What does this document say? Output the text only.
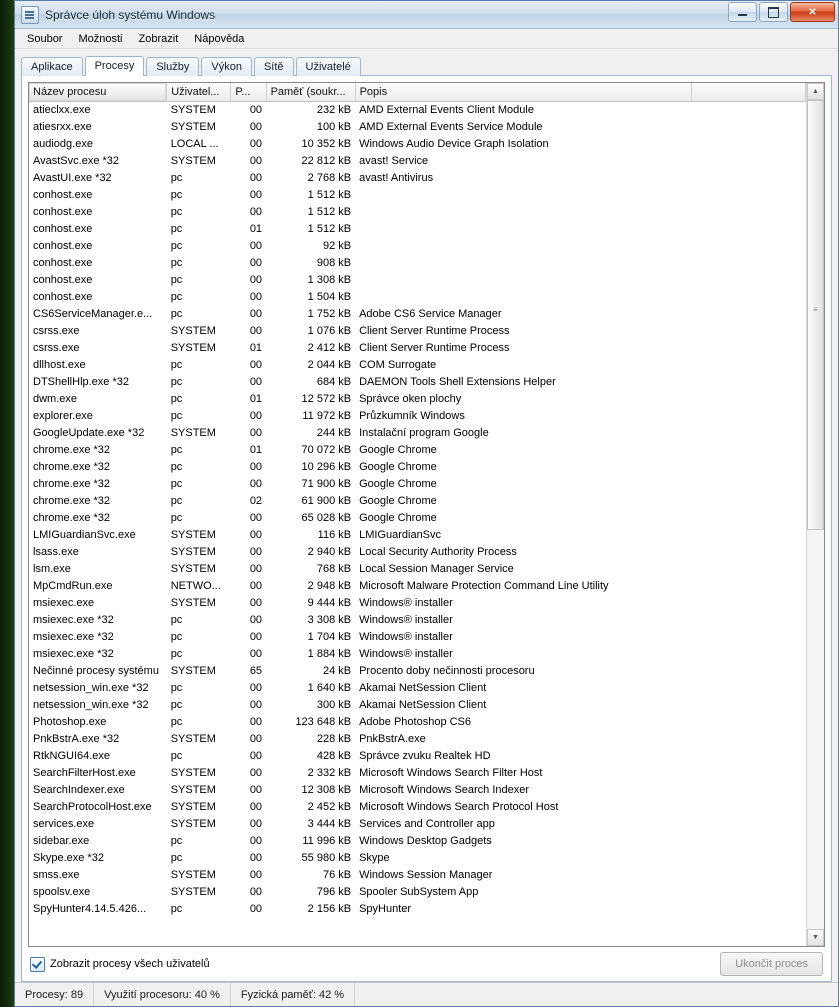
Správce úloh systému Windows	✕
Soubor	Možnosti	Zobrazit	Nápověda
Aplikace	Procesy	Služby	Výkon	Sítě	Uživatelé
Název procesu	Uživatel...	P...	Paměť (soukr...	Popis	
atieclxx.exe	SYSTEM	00	232 kB	AMD External Events Client Module	
atiesrxx.exe	SYSTEM	00	100 kB	AMD External Events Service Module	
audiodg.exe	LOCAL ...	00	10 352 kB	Windows Audio Device Graph Isolation	
AvastSvc.exe *32	SYSTEM	00	22 812 kB	avast! Service	
AvastUI.exe *32	pc	00	2 768 kB	avast! Antivirus	
conhost.exe	pc	00	1 512 kB		
conhost.exe	pc	00	1 512 kB		
conhost.exe	pc	01	1 512 kB		
conhost.exe	pc	00	92 kB		
conhost.exe	pc	00	908 kB		
conhost.exe	pc	00	1 308 kB		
conhost.exe	pc	00	1 504 kB		
CS6ServiceManager.e...	pc	00	1 752 kB	Adobe CS6 Service Manager	
csrss.exe	SYSTEM	00	1 076 kB	Client Server Runtime Process	
csrss.exe	SYSTEM	01	2 412 kB	Client Server Runtime Process	
dllhost.exe	pc	00	2 044 kB	COM Surrogate	
DTShellHlp.exe *32	pc	00	684 kB	DAEMON Tools Shell Extensions Helper	
dwm.exe	pc	01	12 572 kB	Správce oken plochy	
explorer.exe	pc	00	11 972 kB	Průzkumník Windows	
GoogleUpdate.exe *32	SYSTEM	00	244 kB	Instalační program Google	
chrome.exe *32	pc	01	70 072 kB	Google Chrome	
chrome.exe *32	pc	00	10 296 kB	Google Chrome	
chrome.exe *32	pc	00	71 900 kB	Google Chrome	
chrome.exe *32	pc	02	61 900 kB	Google Chrome	
chrome.exe *32	pc	00	65 028 kB	Google Chrome	
LMIGuardianSvc.exe	SYSTEM	00	116 kB	LMIGuardianSvc	
lsass.exe	SYSTEM	00	2 940 kB	Local Security Authority Process	
lsm.exe	SYSTEM	00	768 kB	Local Session Manager Service	
MpCmdRun.exe	NETWO...	00	2 948 kB	Microsoft Malware Protection Command Line Utility	
msiexec.exe	SYSTEM	00	9 444 kB	Windows® installer	
msiexec.exe *32	pc	00	3 308 kB	Windows® installer	
msiexec.exe *32	pc	00	1 704 kB	Windows® installer	
msiexec.exe *32	pc	00	1 884 kB	Windows® installer	
Nečinné procesy systému	SYSTEM	65	24 kB	Procento doby nečinnosti procesoru	
netsession_win.exe *32	pc	00	1 640 kB	Akamai NetSession Client	
netsession_win.exe *32	pc	00	300 kB	Akamai NetSession Client	
Photoshop.exe	pc	00	123 648 kB	Adobe Photoshop CS6	
PnkBstrA.exe *32	SYSTEM	00	228 kB	PnkBstrA.exe	
RtkNGUI64.exe	pc	00	428 kB	Správce zvuku Realtek HD	
SearchFilterHost.exe	SYSTEM	00	2 332 kB	Microsoft Windows Search Filter Host	
SearchIndexer.exe	SYSTEM	00	12 308 kB	Microsoft Windows Search Indexer	
SearchProtocolHost.exe	SYSTEM	00	2 452 kB	Microsoft Windows Search Protocol Host	
services.exe	SYSTEM	00	3 444 kB	Services and Controller app	
sidebar.exe	pc	00	11 996 kB	Windows Desktop Gadgets	
Skype.exe *32	pc	00	55 980 kB	Skype	
smss.exe	SYSTEM	00	76 kB	Windows Session Manager	
spoolsv.exe	SYSTEM	00	796 kB	Spooler SubSystem App	
SpyHunter4.14.5.426...	pc	00	2 156 kB	SpyHunter	
▲
≡
▼
Zobrazit procesy všech uživatelů	Ukončit proces
Procesy: 89	Využití procesoru: 40 %	Fyzická paměť: 42 %
